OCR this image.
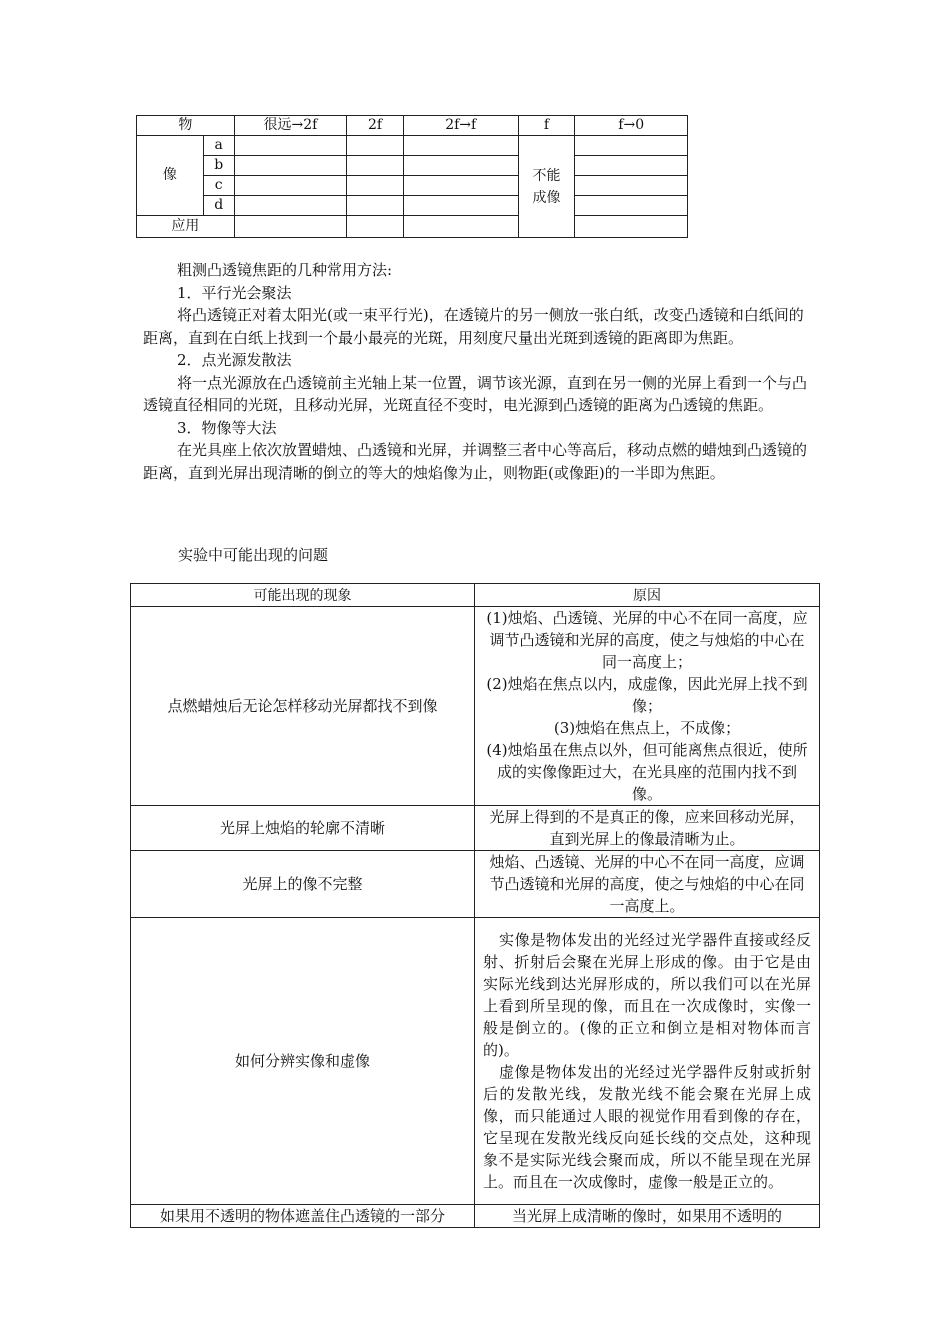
物		很远→2f	2f	2f→f	f	f→0
像	a				不能成像	

	b					
	c					
	d					
应用						
粗测凸透镜焦距的几种常用方法:
1．平行光会聚法
将凸透镜正对着太阳光(或一束平行光)，在透镜片的另一侧放一张白纸，改变凸透镜和白纸间的距离，直到在白纸上找到一个最小最亮的光斑，用刻度尺量出光斑到透镜的距离即为焦距。
2．点光源发散法
将一点光源放在凸透镜前主光轴上某一位置，调节该光源，直到在另一侧的光屏上看到一个与凸透镜直径相同的光斑，且移动光屏，光斑直径不变时，电光源到凸透镜的距离为凸透镜的焦距。
3．物像等大法
在光具座上依次放置蜡烛、凸透镜和光屏，并调整三者中心等高后，移动点燃的蜡烛到凸透镜的距离，直到光屏出现清晰的倒立的等大的烛焰像为止，则物距(或像距)的一半即为焦距。
实验中可能出现的问题
可能出现的现象	原因
点燃蜡烛后无论怎样移动光屏都找不到像	(1)烛焰、凸透镜、光屏的中心不在同一高度，应调节凸透镜和光屏的高度，使之与烛焰的中心在同一高度上；
(2)烛焰在焦点以内，成虚像，因此光屏上找不到像；
(3)烛焰在焦点上，不成像；
(4)烛焰虽在焦点以外，但可能离焦点很近，使所成的实像像距过大，在光具座的范围内找不到像。

光屏上烛焰的轮廓不清晰	光屏上得到的不是真正的像，应来回移动光屏，直到光屏上的像最清晰为止。
光屏上的像不完整	烛焰、凸透镜、光屏的中心不在同一高度，应调节凸透镜和光屏的高度，使之与烛焰的中心在同一高度上。
如何分辨实像和虚像	实像是物体发出的光经过光学器件直接或经反射、折射后会聚在光屏上形成的像。由于它是由实际光线到达光屏形成的，所以我们可以在光屏上看到所呈现的像，而且在一次成像时，实像一般是倒立的。(像的正立和倒立是相对物体而言的)。
虚像是物体发出的光经过光学器件反射或折射后的发散光线，发散光线不能会聚在光屏上成像，而只能通过人眼的视觉作用看到像的存在，它呈现在发散光线反向延长线的交点处，这种现象不是实际光线会聚而成，所以不能呈现在光屏上。而且在一次成像时，虚像一般是正立的。

如果用不透明的物体遮盖住凸透镜的一部分	当光屏上成清晰的像时，如果用不透明的
